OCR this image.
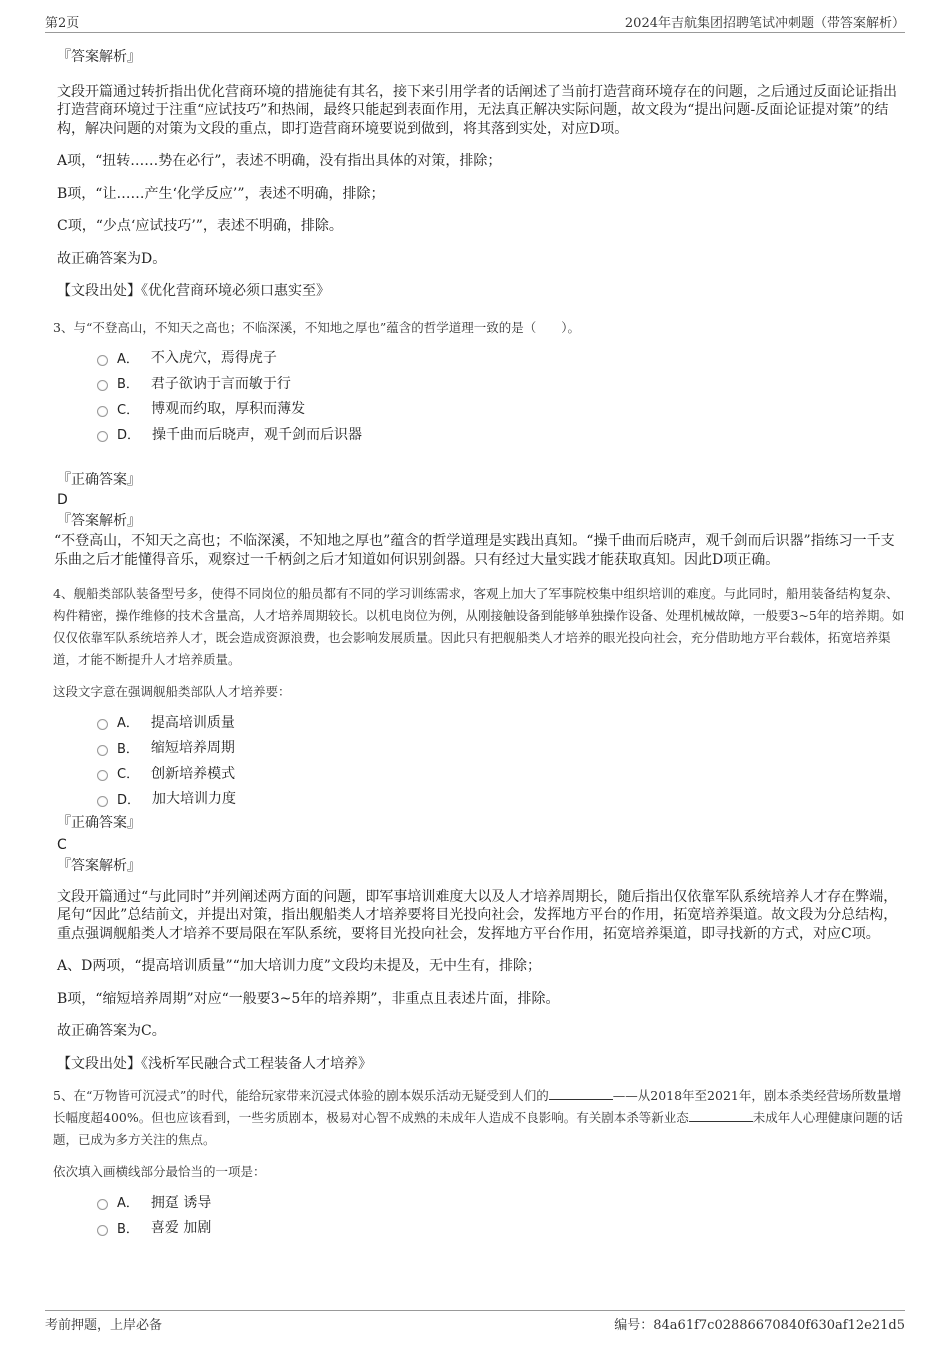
第2页	2024年吉航集团招聘笔试冲刺题（带答案解析）

『答案解析』

文段开篇通过转折指出优化营商环境的措施徒有其名，接下来引用学者的话阐述了当前打造营商环境存在的问题，之后通过反面论证指出打造营商环境过于注重“应试技巧”和热闹，最终只能起到表面作用，无法真正解决实际问题，故文段为“提出问题-反面论证提对策”的结构，解决问题的对策为文段的重点，即打造营商环境要说到做到，将其落到实处，对应D项。

A项，“扭转……势在必行”，表述不明确，没有指出具体的对策，排除；

B项，“让……产生‘化学反应’”，表述不明确，排除；

C项，“少点‘应试技巧’”，表述不明确，排除。

故正确答案为D。

【文段出处】《优化营商环境必须口惠实至》

3、与“不登高山，不知天之高也；不临深溪，不知地之厚也”蕴含的哲学道理一致的是（　　）。

A． 不入虎穴，焉得虎子
B． 君子欲讷于言而敏于行
C． 博观而约取，厚积而薄发
D． 操千曲而后晓声，观千剑而后识器

『正确答案』

D

『答案解析』

“不登高山，不知天之高也；不临深溪，不知地之厚也”蕴含的哲学道理是实践出真知。“操千曲而后晓声，观千剑而后识器”指练习一千支乐曲之后才能懂得音乐，观察过一千柄剑之后才知道如何识别剑器。只有经过大量实践才能获取真知。因此D项正确。

4、舰船类部队装备型号多，使得不同岗位的船员都有不同的学习训练需求，客观上加大了军事院校集中组织培训的难度。与此同时，船用装备结构复杂、构件精密，操作维修的技术含量高，人才培养周期较长。以机电岗位为例，从刚接触设备到能够单独操作设备、处理机械故障，一般要3~5年的培养期。如仅仅依靠军队系统培养人才，既会造成资源浪费，也会影响发展质量。因此只有把舰船类人才培养的眼光投向社会，充分借助地方平台载体，拓宽培养渠道，才能不断提升人才培养质量。

这段文字意在强调舰船类部队人才培养要：

A． 提高培训质量
B． 缩短培养周期
C． 创新培养模式
D． 加大培训力度

『正确答案』

C

『答案解析』

文段开篇通过“与此同时”并列阐述两方面的问题，即军事培训难度大以及人才培养周期长，随后指出仅依靠军队系统培养人才存在弊端，尾句“因此”总结前文，并提出对策，指出舰船类人才培养要将目光投向社会，发挥地方平台的作用，拓宽培养渠道。故文段为分总结构，重点强调舰船类人才培养不要局限在军队系统，要将目光投向社会，发挥地方平台作用，拓宽培养渠道，即寻找新的方式，对应C项。

A、D两项，“提高培训质量”“加大培训力度”文段均未提及，无中生有，排除；

B项，“缩短培养周期”对应“一般要3~5年的培养期”，非重点且表述片面，排除。

故正确答案为C。

【文段出处】《浅析军民融合式工程装备人才培养》

5、在“万物皆可沉浸式”的时代，能给玩家带来沉浸式体验的剧本娱乐活动无疑受到人们的	——从2018年至2021年，剧本杀类经营场所数量增长幅度超400%。但也应该看到，一些劣质剧本，极易对心智不成熟的未成年人造成不良影响。有关剧本杀等新业态	未成年人心理健康问题的话题，已成为多方关注的焦点。

依次填入画横线部分最恰当的一项是：

A． 拥趸 诱导
B． 喜爱 加剧
考前押题，上岸必备	编号：84a61f7c02886670840f630af12e21d5
